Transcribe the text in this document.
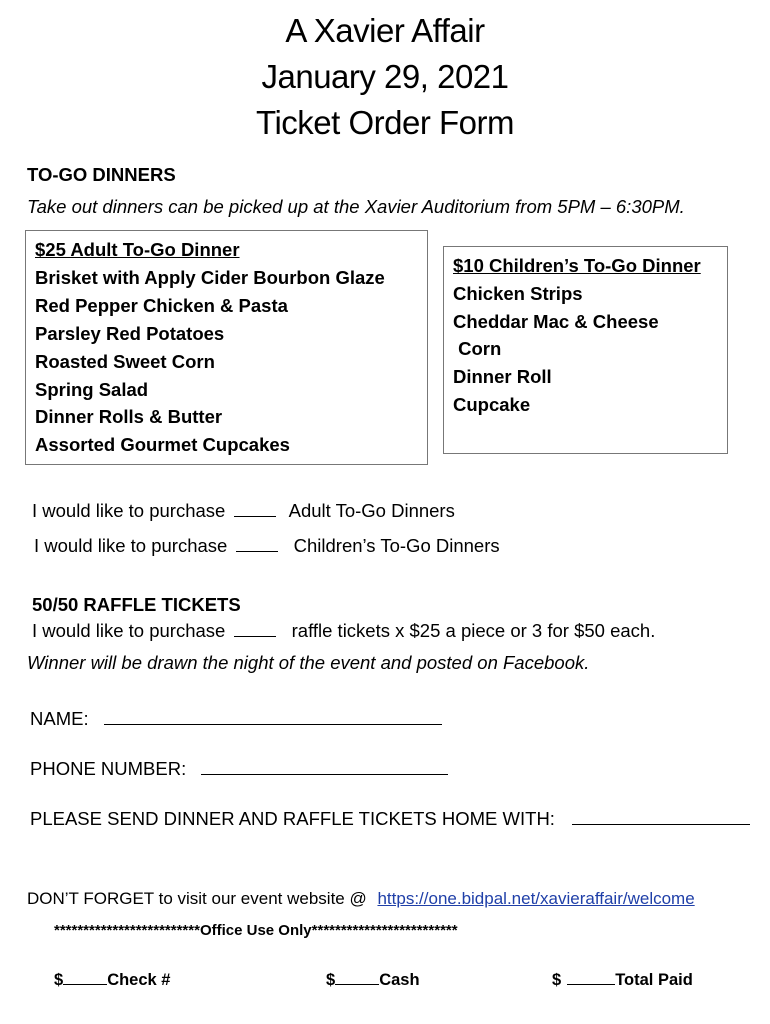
A Xavier Affair
January 29, 2021
Ticket Order Form
TO-GO DINNERS
Take out dinners can be picked up at the Xavier Auditorium from 5PM – 6:30PM.
$25 Adult To-Go Dinner
Brisket with Apply Cider Bourbon Glaze
Red Pepper Chicken & Pasta
Parsley Red Potatoes
Roasted Sweet Corn
Spring Salad
Dinner Rolls & Butter
Assorted Gourmet Cupcakes
$10 Children’s To-Go Dinner
Chicken Strips
Cheddar Mac & Cheese
Corn
Dinner Roll
Cupcake
I would like to purchase	Adult To-Go Dinners
I would like to purchase	Children’s To-Go Dinners
50/50 RAFFLE TICKETS
I would like to purchase	raffle tickets x $25 a piece or 3 for $50 each.
Winner will be drawn the night of the event and posted on Facebook.
NAME:
PHONE NUMBER:
PLEASE SEND DINNER AND RAFFLE TICKETS HOME WITH:
DON’T FORGET to visit our event website @ https://one.bidpal.net/xavieraffair/welcome
*************************Office Use Only*************************
$	Check #	$	Cash	$	Total Paid
